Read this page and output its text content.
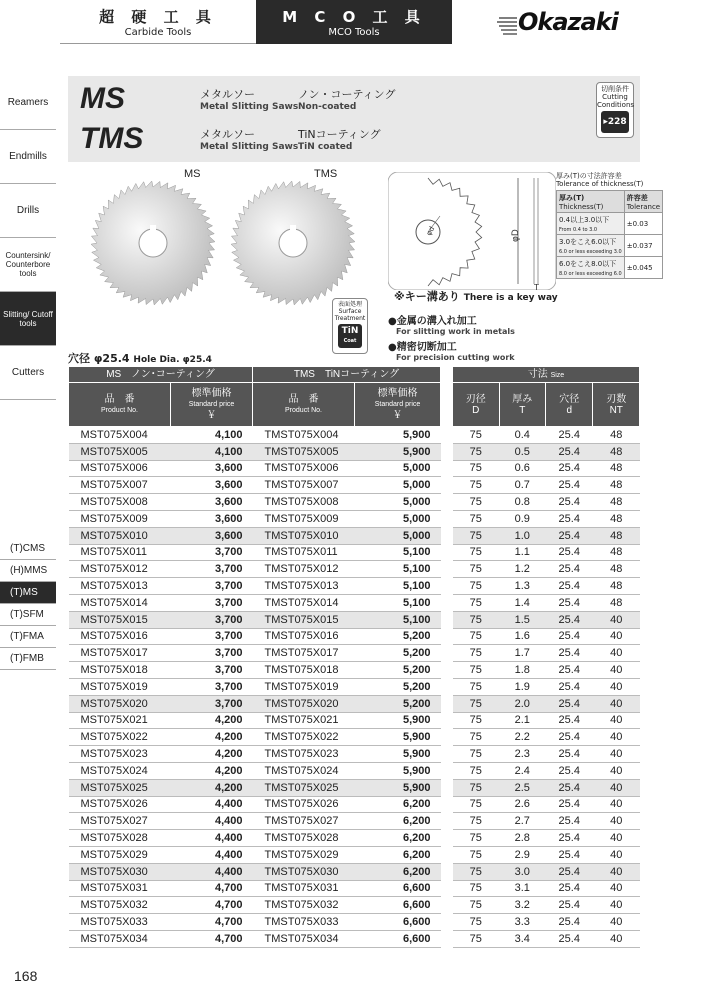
超 硬 工 具
Carbide Tools
M C O 工 具
MCO Tools	Okazaki
Reamers
Endmills
Drills
Countersink/ Counterbore tools
Slitting/ Cutoff tools
Cutters
(T)CMS
(H)MMS
(T)MS
(T)SFM
(T)FMA
(T)FMB
MS
TMS
メタルソー
Metal Slitting Saws
ノン・コーティング
Non-coated
メタルソー
Metal Slitting Saws
TiNコーティング
TiN coated
切削条件
Cutting
Conditions
▸228
MS	TMS
φD
φd
T
厚み(T)の寸法許容差
Tolerance of thickness(T)
厚み(T)
Thickness(T)	許容差
Tolerance
0.4以上3.0以下
From 0.4 to 3.0	±0.03
3.0をこえ6.0以下
6.0 or less exceeding 3.0	±0.037
6.0をこえ8.0以下
8.0 or less exceeding 6.0	±0.045
※キー溝あり There is a key way
表面処理
Surface
Treatment
TiN
Coat
●金属の溝入れ加工
For slitting work in metals
●精密切断加工
For precision cutting work
穴径 φ25.4 Hole Dia. φ25.4
MS　ノン･コーティング		TMS　TiNコーティング			寸法 Size			
品　番
Product No.	標準価格
Standard price
￥	品　番
Product No.	標準価格
Standard price
￥		刃径
D	厚み
T	穴径
d	刃数
NT
MST075X004	4,100	TMST075X004	5,900		75	0.4	25.4	48
MST075X005	4,100	TMST075X005	5,900		75	0.5	25.4	48
MST075X006	3,600	TMST075X006	5,000		75	0.6	25.4	48
MST075X007	3,600	TMST075X007	5,000		75	0.7	25.4	48
MST075X008	3,600	TMST075X008	5,000		75	0.8	25.4	48
MST075X009	3,600	TMST075X009	5,000		75	0.9	25.4	48
MST075X010	3,600	TMST075X010	5,000		75	1.0	25.4	48
MST075X011	3,700	TMST075X011	5,100		75	1.1	25.4	48
MST075X012	3,700	TMST075X012	5,100		75	1.2	25.4	48
MST075X013	3,700	TMST075X013	5,100		75	1.3	25.4	48
MST075X014	3,700	TMST075X014	5,100		75	1.4	25.4	48
MST075X015	3,700	TMST075X015	5,100		75	1.5	25.4	40
MST075X016	3,700	TMST075X016	5,200		75	1.6	25.4	40
MST075X017	3,700	TMST075X017	5,200		75	1.7	25.4	40
MST075X018	3,700	TMST075X018	5,200		75	1.8	25.4	40
MST075X019	3,700	TMST075X019	5,200		75	1.9	25.4	40
MST075X020	3,700	TMST075X020	5,200		75	2.0	25.4	40
MST075X021	4,200	TMST075X021	5,900		75	2.1	25.4	40
MST075X022	4,200	TMST075X022	5,900		75	2.2	25.4	40
MST075X023	4,200	TMST075X023	5,900		75	2.3	25.4	40
MST075X024	4,200	TMST075X024	5,900		75	2.4	25.4	40
MST075X025	4,200	TMST075X025	5,900		75	2.5	25.4	40
MST075X026	4,400	TMST075X026	6,200		75	2.6	25.4	40
MST075X027	4,400	TMST075X027	6,200		75	2.7	25.4	40
MST075X028	4,400	TMST075X028	6,200		75	2.8	25.4	40
MST075X029	4,400	TMST075X029	6,200		75	2.9	25.4	40
MST075X030	4,400	TMST075X030	6,200		75	3.0	25.4	40
MST075X031	4,700	TMST075X031	6,600		75	3.1	25.4	40
MST075X032	4,700	TMST075X032	6,600		75	3.2	25.4	40
MST075X033	4,700	TMST075X033	6,600		75	3.3	25.4	40
MST075X034	4,700	TMST075X034	6,600		75	3.4	25.4	40
168
